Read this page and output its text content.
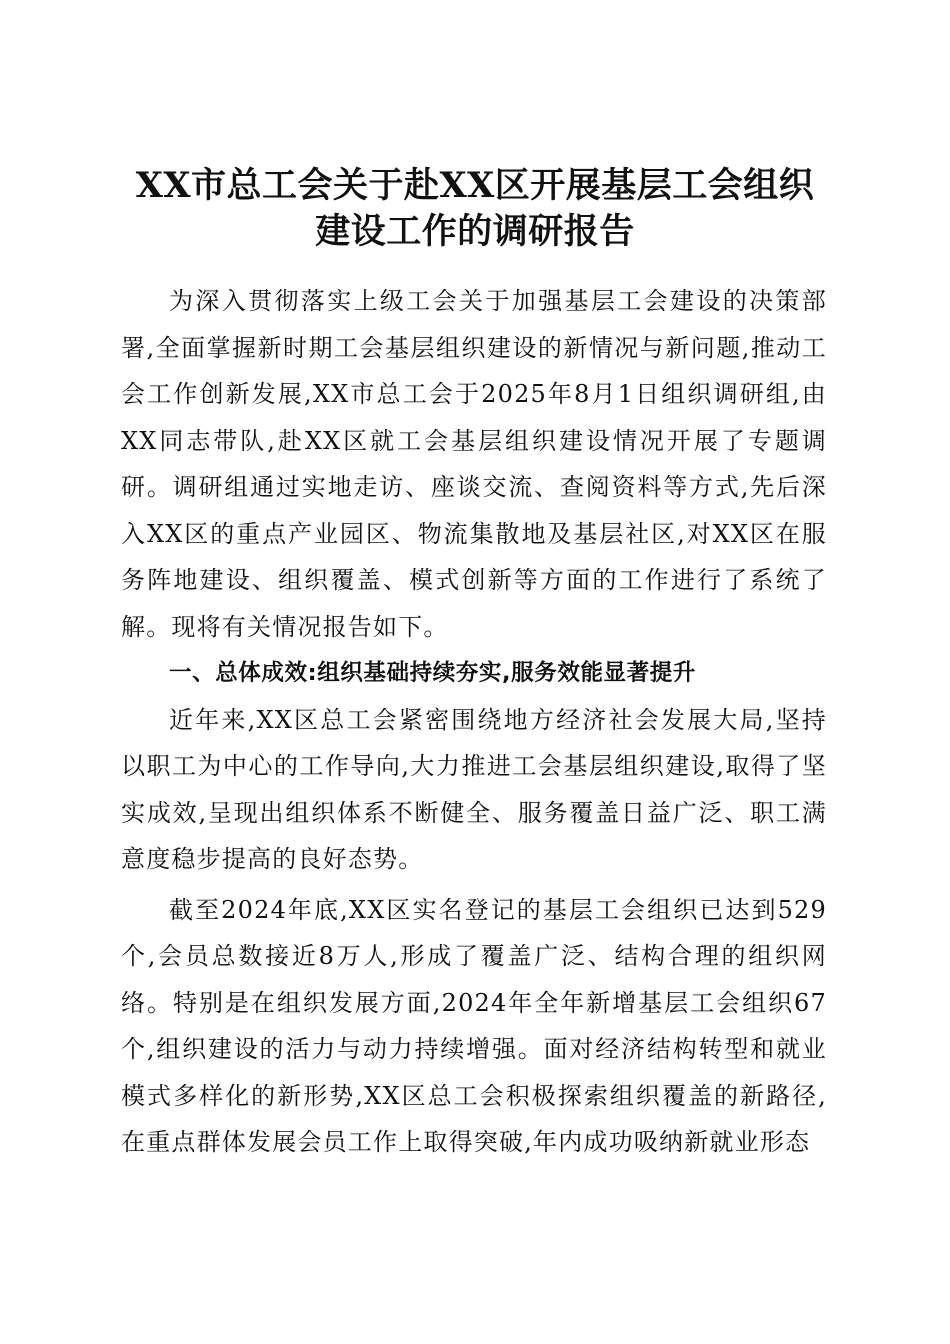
XX市总工会关于赴XX区开展基层工会组织
建设工作的调研报告

为深入贯彻落实上级工会关于加强基层工会建设的决策部署,全面掌握新时期工会基层组织建设的新情况与新问题,推动工会工作创新发展,XX市总工会于2025年8月1日组织调研组,由XX同志带队,赴XX区就工会基层组织建设情况开展了专题调研。调研组通过实地走访、座谈交流、查阅资料等方式,先后深入XX区的重点产业园区、物流集散地及基层社区,对XX区在服务阵地建设、组织覆盖、模式创新等方面的工作进行了系统了解。现将有关情况报告如下。

一、总体成效:组织基础持续夯实,服务效能显著提升

近年来,XX区总工会紧密围绕地方经济社会发展大局,坚持以职工为中心的工作导向,大力推进工会基层组织建设,取得了坚实成效,呈现出组织体系不断健全、服务覆盖日益广泛、职工满意度稳步提高的良好态势。

截至2024年底,XX区实名登记的基层工会组织已达到529个,会员总数接近8万人,形成了覆盖广泛、结构合理的组织网络。特别是在组织发展方面,2024年全年新增基层工会组织67个,组织建设的活力与动力持续增强。面对经济结构转型和就业模式多样化的新形势,XX区总工会积极探索组织覆盖的新路径,在重点群体发展会员工作上取得突破,年内成功吸纳新就业形态
